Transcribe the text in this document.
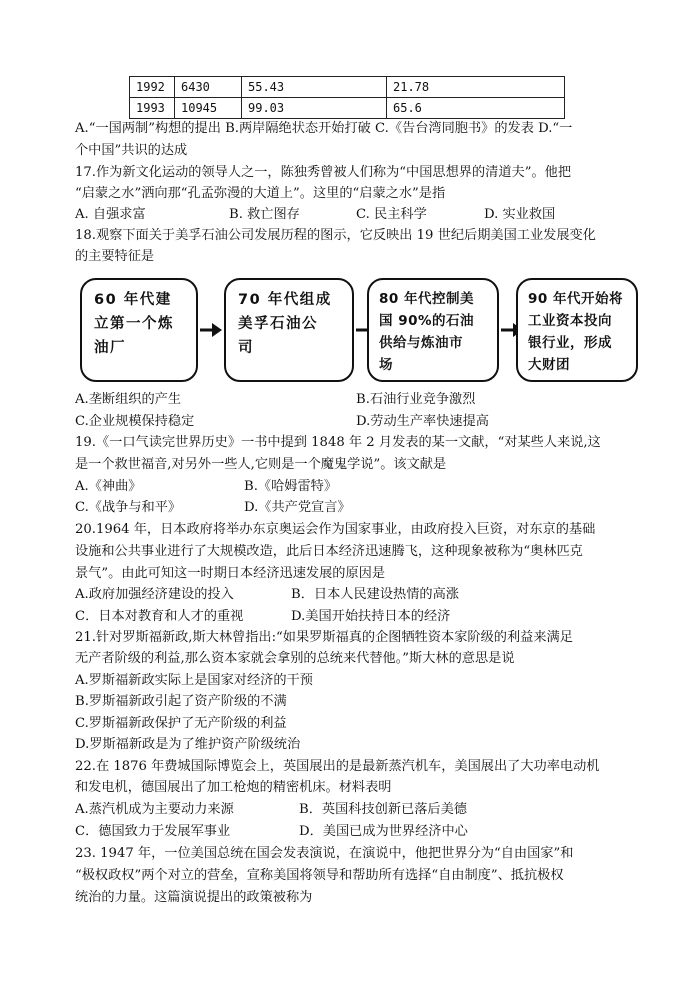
1992	6430	55.43	21.78
1993	10945	99.03	65.6
A.“一国两制”构想的提出 B.两岸隔绝状态开始打破 C.《告台湾同胞书》的发表 D.“一
个中国”共识的达成
17.作为新文化运动的领导人之一，陈独秀曾被人们称为“中国思想界的清道夫”。他把
“启蒙之水”洒向那“孔孟弥漫的大道上”。这里的“启蒙之水”是指
A. 自强求富	B. 救亡图存	C. 民主科学	D. 实业救国
18.观察下面关于美孚石油公司发展历程的图示，它反映出 19 世纪后期美国工业发展变化
的主要特征是
60 年代建
立第一个炼
油厂
70 年代组成
美孚石油公
司
80 年代控制美
国 90%的石油
供给与炼油市
场
90 年代开始将
工业资本投向
银行业，形成
大财团
A.垄断组织的产生	B.石油行业竞争激烈
C.企业规模保持稳定	D.劳动生产率快速提高
19.《一口气读完世界历史》一书中提到 1848 年 2 月发表的某一文献，“对某些人来说,这
是一个救世福音,对另外一些人,它则是一个魔鬼学说”。该文献是
A.《神曲》	B.《哈姆雷特》
C.《战争与和平》	D.《共产党宣言》
20.1964 年，日本政府将举办东京奥运会作为国家事业，由政府投入巨资，对东京的基础
设施和公共事业进行了大规模改造，此后日本经济迅速腾飞，这种现象被称为“奥林匹克
景气”。由此可知这一时期日本经济迅速发展的原因是
A.政府加强经济建设的投入	B．日本人民建设热情的高涨
C．日本对教育和人才的重视	D.美国开始扶持日本的经济
21.针对罗斯福新政,斯大林曾指出:“如果罗斯福真的企图牺牲资本家阶级的利益来满足
无产者阶级的利益,那么资本家就会拿别的总统来代替他。”斯大林的意思是说
A.罗斯福新政实际上是国家对经济的干预
B.罗斯福新政引起了资产阶级的不满
C.罗斯福新政保护了无产阶级的利益
D.罗斯福新政是为了维护资产阶级统治
22.在 1876 年费城国际博览会上，英国展出的是最新蒸汽机车，美国展出了大功率电动机
和发电机，德国展出了加工枪炮的精密机床。材料表明
A.蒸汽机成为主要动力来源	B．英国科技创新已落后美德
C．德国致力于发展军事业	D．美国已成为世界经济中心
23. 1947 年，一位美国总统在国会发表演说，在演说中，他把世界分为“自由国家”和
“极权政权”两个对立的营垒，宣称美国将领导和帮助所有选择“自由制度”、抵抗极权
统治的力量。这篇演说提出的政策被称为
